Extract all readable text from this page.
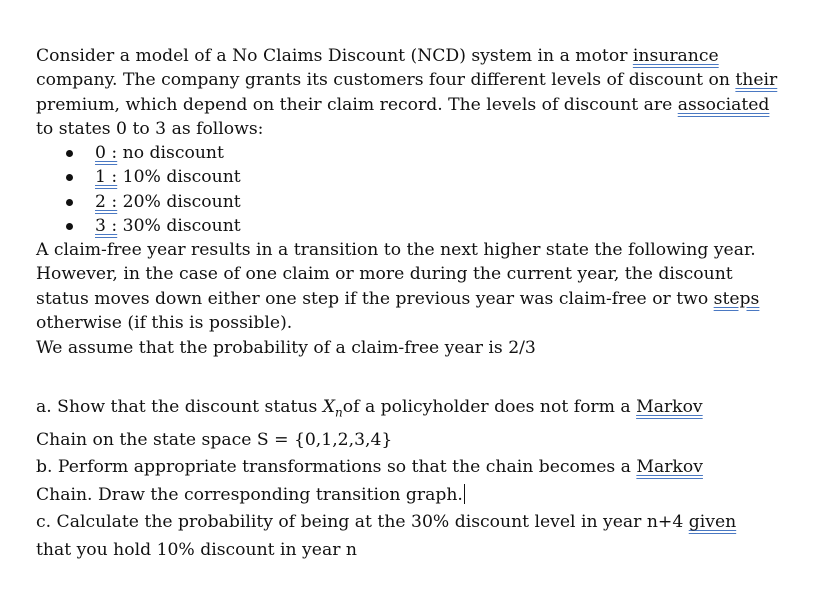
Consider a model of a No Claims Discount (NCD) system in a motor insurance
company. The company grants its customers four different levels of discount on their
premium, which depend on their claim record. The levels of discount are associated
to states 0 to 3 as follows:
0 : no discount
1 : 10% discount
2 : 20% discount
3 : 30% discount
A claim-free year results in a transition to the next higher state the following year.
However, in the case of one claim or more during the current year, the discount
status moves down either one step if the previous year was claim-free or two steps
otherwise (if this is possible).
We assume that the probability of a claim-free year is 2/3
a. Show that the discount status $X_nof$ a policyholder does not form a Markov
Chain on the state space S = {0,1,2,3,4}
b. Perform appropriate transformations so that the chain becomes a Markov
Chain. Draw the corresponding transition graph.
c. Calculate the probability of being at the 30% discount level in year n+4 given
that you hold 10% discount in year n
